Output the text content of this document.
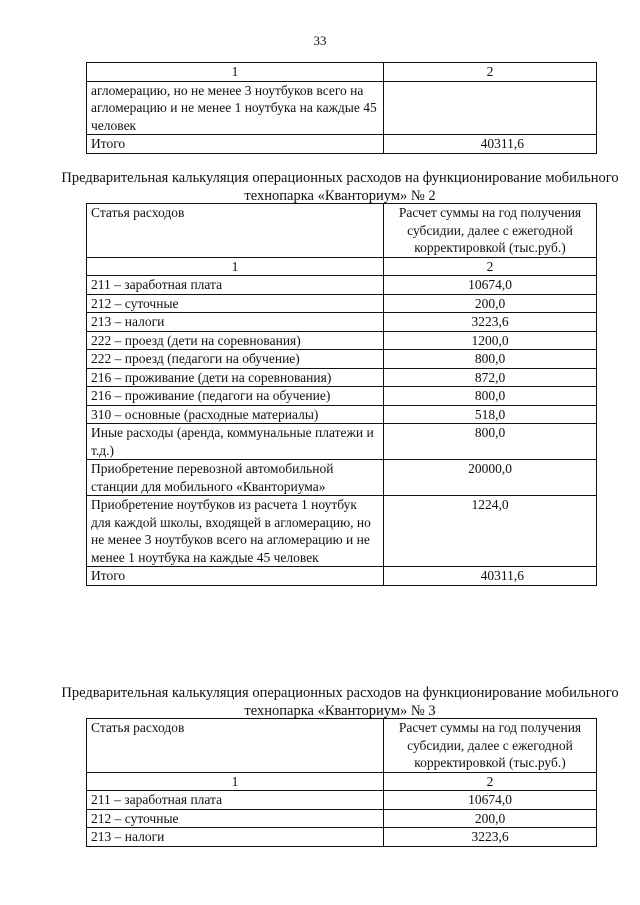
33
1	2
агломерацию, но не менее 3 ноутбуков всего на агломерацию и не менее 1 ноутбука на каждые 45 человек	
Итого	40311,6
Предварительная калькуляция операционных расходов на функционирование мобильного технопарка «Кванториум» № 2
Статья расходов	Расчет суммы на год получения субсидии, далее с ежегодной корректировкой (тыс.руб.)
1	2
211 – заработная плата	10674,0
212 – суточные	200,0
213 – налоги	3223,6
222 – проезд (дети на соревнования)	1200,0
222 – проезд (педагоги на обучение)	800,0
216 – проживание (дети на соревнования)	872,0
216 – проживание (педагоги на обучение)	800,0
310 – основные (расходные материалы)	518,0
Иные расходы (аренда, коммунальные платежи и т.д.)	800,0
Приобретение перевозной автомобильной станции для мобильного «Кванториума»	20000,0
Приобретение ноутбуков из расчета 1 ноутбук для каждой школы, входящей в агломерацию, но не менее 3 ноутбуков всего на агломерацию и не менее 1 ноутбука на каждые 45 человек	1224,0
Итого	40311,6
Предварительная калькуляция операционных расходов на функционирование мобильного технопарка «Кванториум» № 3
Статья расходов	Расчет суммы на год получения субсидии, далее с ежегодной корректировкой (тыс.руб.)
1	2
211 – заработная плата	10674,0
212 – суточные	200,0
213 – налоги	3223,6
